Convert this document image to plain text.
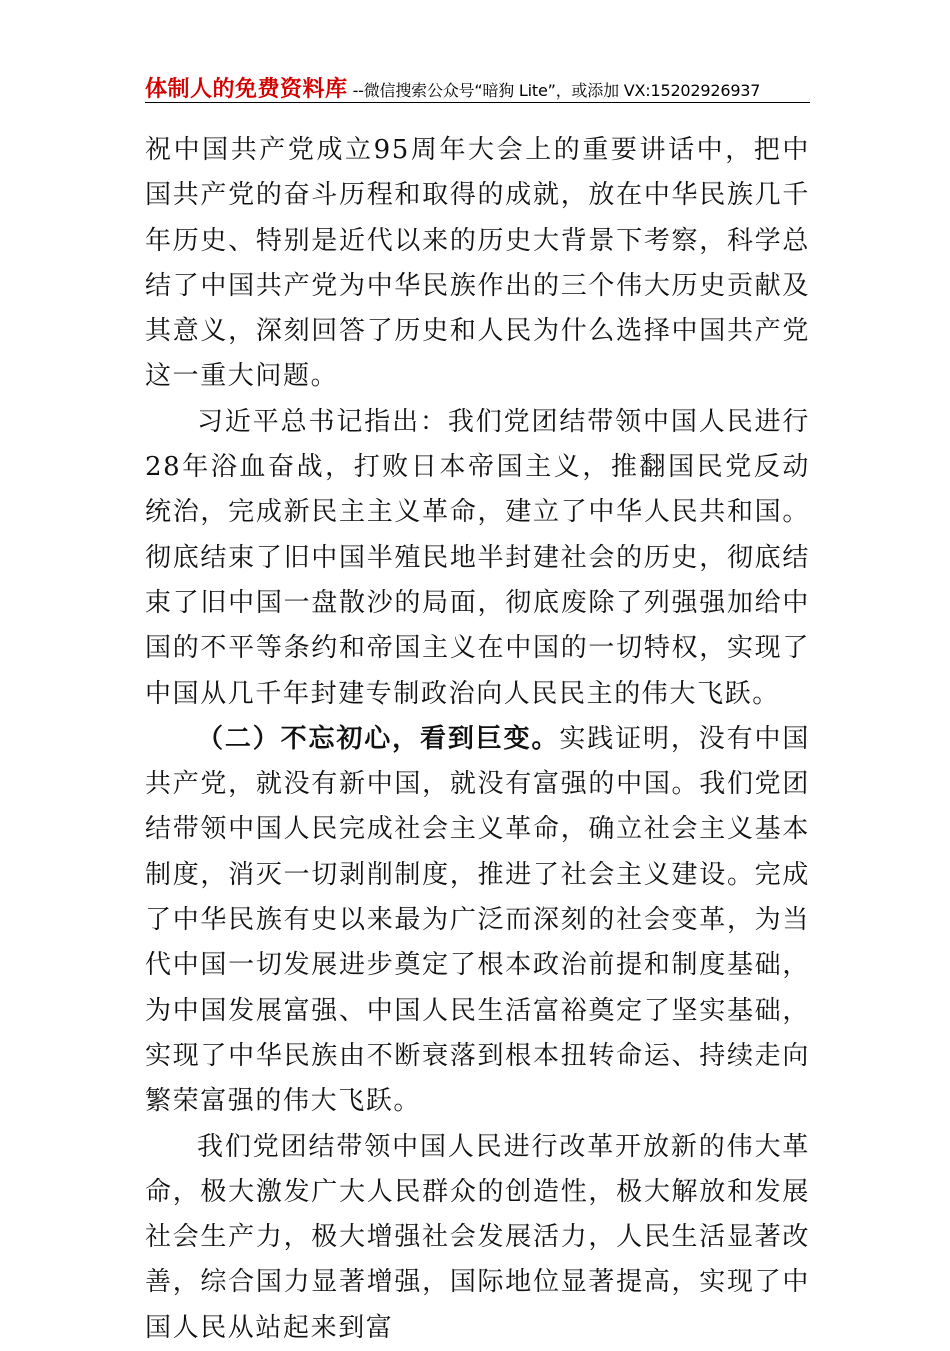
体制人的免费资料库 --微信搜索公众号“暗狗 Lite”，或添加 VX:15202926937

祝中国共产党成立95周年大会上的重要讲话中，把中国共产党的奋斗历程和取得的成就，放在中华民族几千年历史、特别是近代以来的历史大背景下考察，科学总结了中国共产党为中华民族作出的三个伟大历史贡献及其意义，深刻回答了历史和人民为什么选择中国共产党这一重大问题。

习近平总书记指出：我们党团结带领中国人民进行28年浴血奋战，打败日本帝国主义，推翻国民党反动统治，完成新民主主义革命，建立了中华人民共和国。彻底结束了旧中国半殖民地半封建社会的历史，彻底结束了旧中国一盘散沙的局面，彻底废除了列强强加给中国的不平等条约和帝国主义在中国的一切特权，实现了中国从几千年封建专制政治向人民民主的伟大飞跃。

（二）不忘初心，看到巨变。实践证明，没有中国共产党，就没有新中国，就没有富强的中国。我们党团结带领中国人民完成社会主义革命，确立社会主义基本制度，消灭一切剥削制度，推进了社会主义建设。完成了中华民族有史以来最为广泛而深刻的社会变革，为当代中国一切发展进步奠定了根本政治前提和制度基础，为中国发展富强、中国人民生活富裕奠定了坚实基础，实现了中华民族由不断衰落到根本扭转命运、持续走向繁荣富强的伟大飞跃。

我们党团结带领中国人民进行改革开放新的伟大革命，极大激发广大人民群众的创造性，极大解放和发展社会生产力，极大增强社会发展活力，人民生活显著改善，综合国力显著增强，国际地位显著提高，实现了中国人民从站起来到富
